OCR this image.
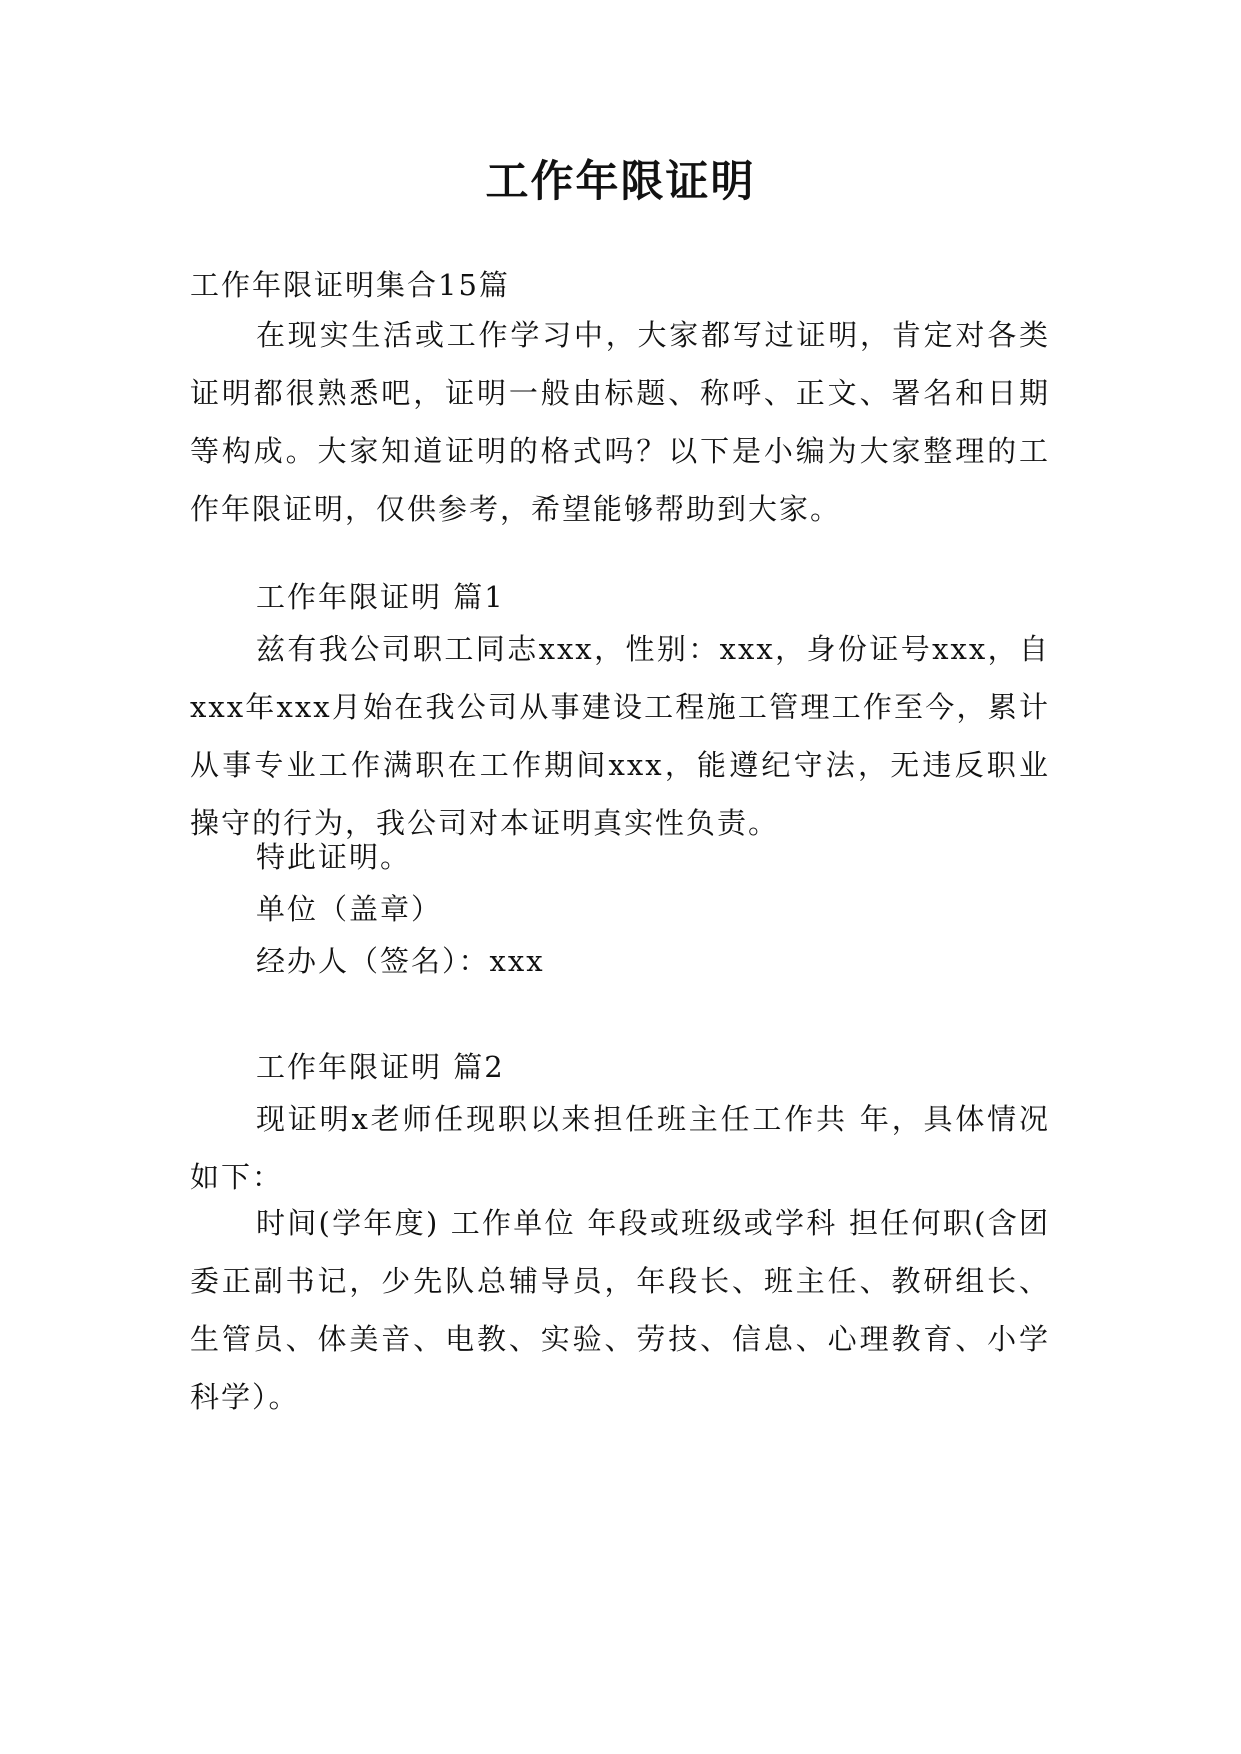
工作年限证明

工作年限证明集合15篇

在现实生活或工作学习中，大家都写过证明，肯定对各类证明都很熟悉吧，证明一般由标题、称呼、正文、署名和日期等构成。大家知道证明的格式吗？以下是小编为大家整理的工作年限证明，仅供参考，希望能够帮助到大家。

工作年限证明 篇1

兹有我公司职工同志xxx，性别：xxx，身份证号xxx，自xxx年xxx月始在我公司从事建设工程施工管理工作至今，累计从事专业工作满职在工作期间xxx，能遵纪守法，无违反职业操守的行为，我公司对本证明真实性负责。

特此证明。

单位（盖章）

经办人（签名）：xxx

工作年限证明 篇2

现证明x老师任现职以来担任班主任工作共 年，具体情况如下：

时间(学年度) 工作单位 年段或班级或学科 担任何职(含团委正副书记，少先队总辅导员，年段长、班主任、教研组长、生管员、体美音、电教、实验、劳技、信息、心理教育、小学科学）。
